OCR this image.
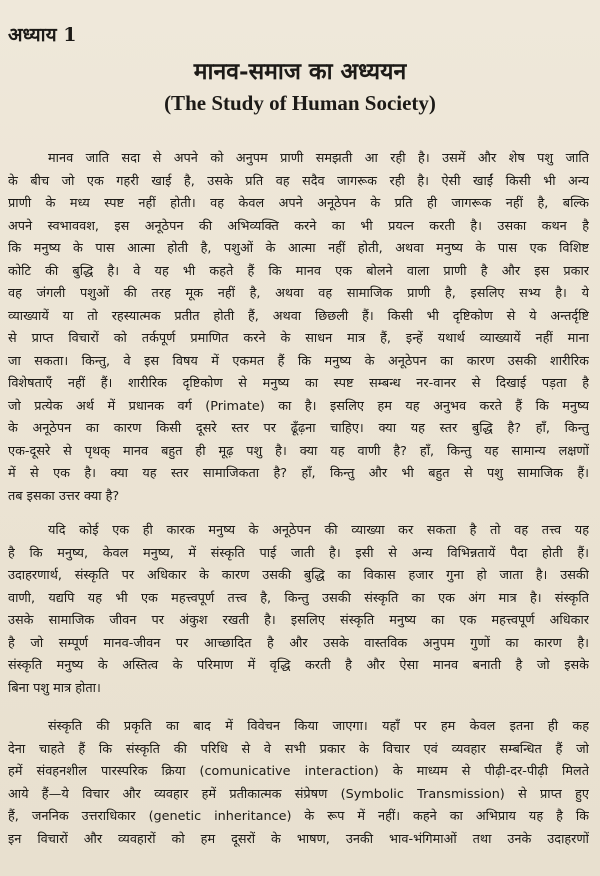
अध्याय 1
मानव-समाज का अध्ययन
(The Study of Human Society)
मानव जाति सदा से अपने को अनुपम प्राणी समझती आ रही है। उसमें और शेष पशु जाति
के बीच जो एक गहरी खाई है, उसके प्रति वह सदैव जागरूक रही है। ऐसी खाईं किसी भी अन्य
प्राणी के मध्य स्पष्ट नहीं होती। वह केवल अपने अनूठेपन के प्रति ही जागरूक नहीं है, बल्कि
अपने स्वभाववश, इस अनूठेपन की अभिव्यक्ति करने का भी प्रयत्न करती है। उसका कथन है
कि मनुष्य के पास आत्मा होती है, पशुओं के आत्मा नहीं होती, अथवा मनुष्य के पास एक विशिष्ट
कोटि की बुद्धि है। वे यह भी कहते हैं कि मानव एक बोलने वाला प्राणी है और इस प्रकार
वह जंगली पशुओं की तरह मूक नहीं है, अथवा वह सामाजिक प्राणी है, इसलिए सभ्य है। ये
व्याख्यायें या तो रहस्यात्मक प्रतीत होती हैं, अथवा छिछली हैं। किसी भी दृष्टिकोण से ये अन्तर्दृष्टि
से प्राप्त विचारों को तर्कपूर्ण प्रमाणित करने के साधन मात्र हैं, इन्हें यथार्थ व्याख्यायें नहीं माना
जा सकता। किन्तु, वे इस विषय में एकमत हैं कि मनुष्य के अनूठेपन का कारण उसकी शारीरिक
विशेषताएँ नहीं हैं। शारीरिक दृष्टिकोण से मनुष्य का स्पष्ट सम्बन्ध नर-वानर से दिखाई पड़ता है
जो प्रत्येक अर्थ में प्रधानक वर्ग (Primate) का है। इसलिए हम यह अनुभव करते हैं कि मनुष्य
के अनूठेपन का कारण किसी दूसरे स्तर पर ढूँढ़ना चाहिए। क्या यह स्तर बुद्धि है? हाँ, किन्तु
एक-दूसरे से पृथक् मानव बहुत ही मूढ़ पशु है। क्या यह वाणी है? हाँ, किन्तु यह सामान्य लक्षणों
में से एक है। क्या यह स्तर सामाजिकता है? हाँ, किन्तु और भी बहुत से पशु सामाजिक हैं।
तब इसका उत्तर क्या है?
यदि कोई एक ही कारक मनुष्य के अनूठेपन की व्याख्या कर सकता है तो वह तत्त्व यह
है कि मनुष्य, केवल मनुष्य, में संस्कृति पाई जाती है। इसी से अन्य विभिन्नतायें पैदा होती हैं।
उदाहरणार्थ, संस्कृति पर अधिकार के कारण उसकी बुद्धि का विकास हजार गुना हो जाता है। उसकी
वाणी, यद्यपि यह भी एक महत्त्वपूर्ण तत्त्व है, किन्तु उसकी संस्कृति का एक अंग मात्र है। संस्कृति
उसके सामाजिक जीवन पर अंकुश रखती है। इसलिए संस्कृति मनुष्य का एक महत्त्वपूर्ण अधिकार
है जो सम्पूर्ण मानव-जीवन पर आच्छादित है और उसके वास्तविक अनुपम गुणों का कारण है।
संस्कृति मनुष्य के अस्तित्व के परिमाण में वृद्धि करती है और ऐसा मानव बनाती है जो इसके
बिना पशु मात्र होता।
संस्कृति की प्रकृति का बाद में विवेचन किया जाएगा। यहाँ पर हम केवल इतना ही कह
देना चाहते हैं कि संस्कृति की परिधि से वे सभी प्रकार के विचार एवं व्यवहार सम्बन्धित हैं जो
हमें संवहनशील पारस्परिक क्रिया (comunicative interaction) के माध्यम से पीढ़ी-दर-पीढ़ी मिलते
आये हैं—ये विचार और व्यवहार हमें प्रतीकात्मक संप्रेषण (Symbolic Transmission) से प्राप्त हुए
हैं, जननिक उत्तराधिकार (genetic inheritance) के रूप में नहीं। कहने का अभिप्राय यह है कि
इन विचारों और व्यवहारों को हम दूसरों के भाषण, उनकी भाव-भंगिमाओं तथा उनके उदाहरणों
